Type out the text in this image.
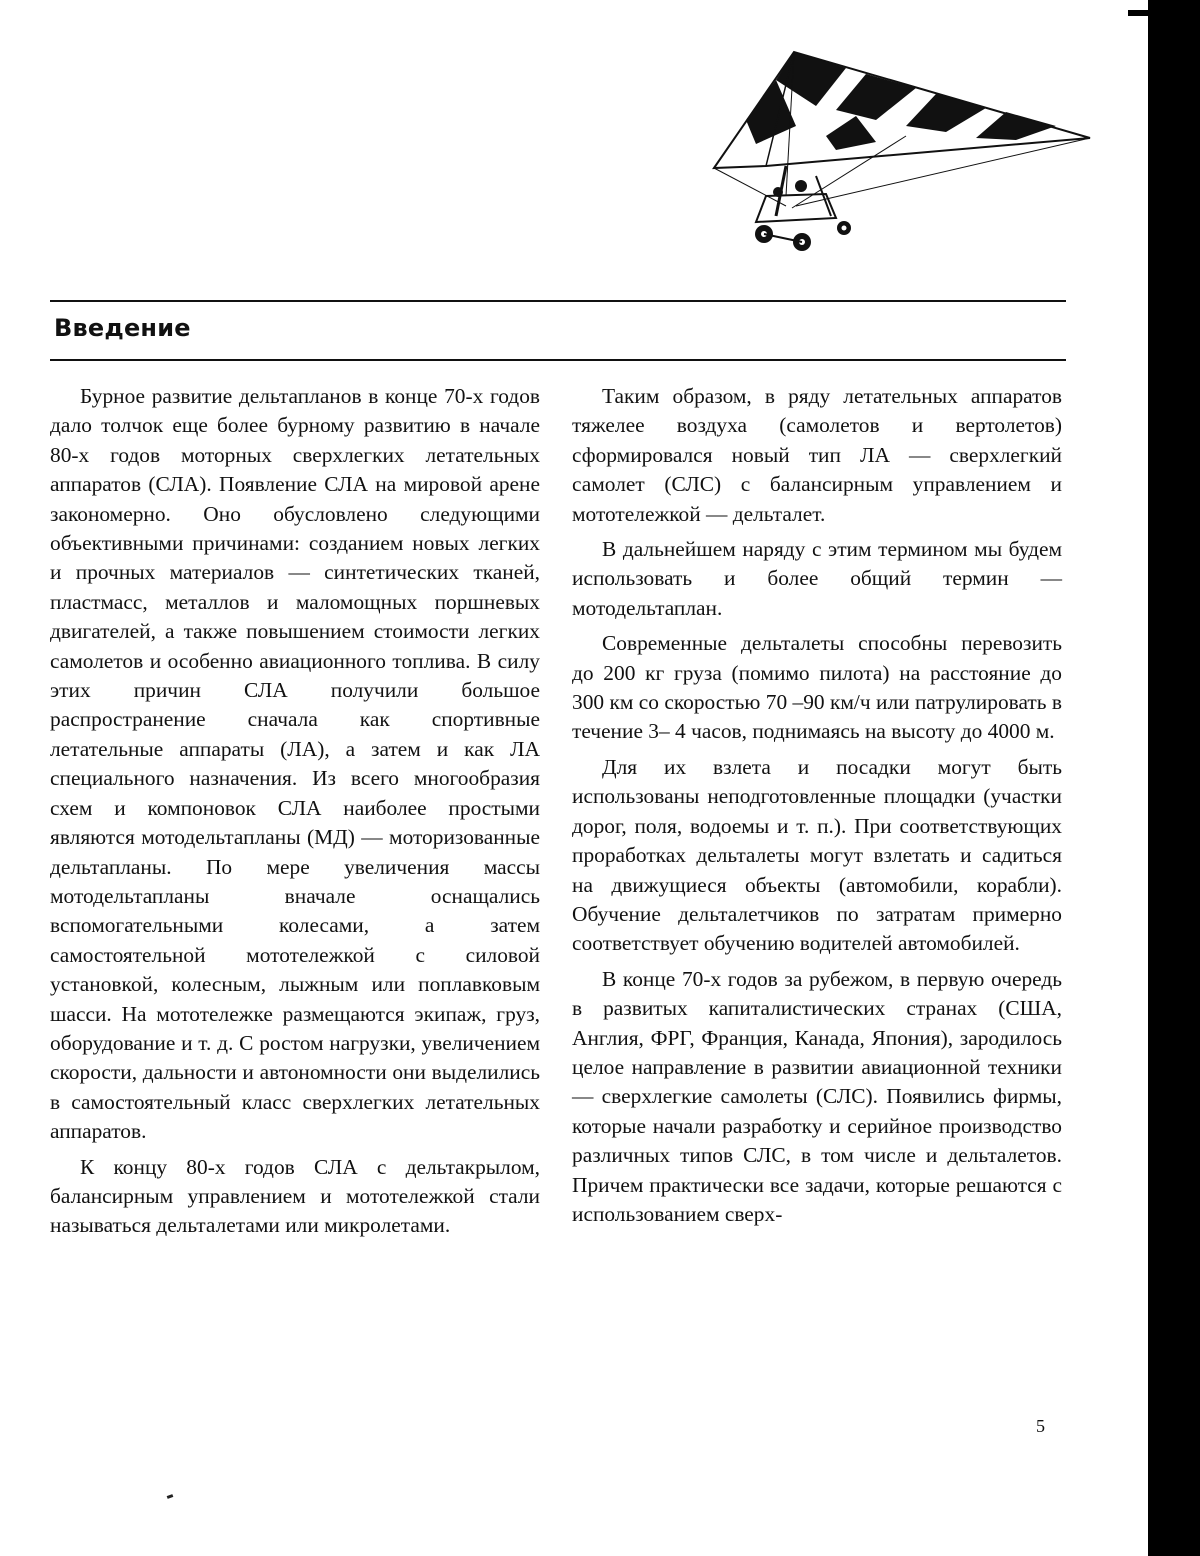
Введение

Бурное развитие дельтапланов в конце 70-х годов дало толчок еще более бурному развитию в начале 80-х годов моторных сверхлегких летательных аппаратов (СЛА). Появление СЛА на мировой арене закономерно. Оно обусловлено следующими объективными причинами: созданием новых легких и прочных материалов — синтетических тканей, пластмасс, металлов и маломощных поршневых двигателей, а также повышением стоимости легких самолетов и особенно авиационного топлива. В силу этих причин СЛА получили большое распространение сначала как спортивные летательные аппараты (ЛА), а затем и как ЛА специального назначения. Из всего многообразия схем и компоновок СЛА наиболее простыми являются мотодельтапланы (МД) — моторизованные дельтапланы. По мере увеличения массы мотодельтапланы вначале оснащались вспомогательными колесами, а затем самостоятельной мототележкой с силовой установкой, колесным, лыжным или поплавковым шасси. На мототележке размещаются экипаж, груз, оборудование и т. д. С ростом нагрузки, увеличением скорости, дальности и автономности они выделились в самостоятельный класс сверхлегких летательных аппаратов.

К концу 80-х годов СЛА с дельтакрылом, балансирным управлением и мототележкой стали называться дельталетами или микролетами.

Таким образом, в ряду летательных аппаратов тяжелее воздуха (самолетов и вертолетов) сформировался новый тип ЛА — сверхлегкий самолет (СЛС) с балансирным управлением и мототележкой — дельталет.

В дальнейшем наряду с этим термином мы будем использовать и более общий термин — мотодельтаплан.

Современные дельталеты способны перевозить до 200 кг груза (помимо пилота) на расстояние до 300 км со скоростью 70 –90 км/ч или патрулировать в течение 3– 4 часов, поднимаясь на высоту до 4000 м.

Для их взлета и посадки могут быть использованы неподготовленные площадки (участки дорог, поля, водоемы и т. п.). При соответствующих проработках дельталеты могут взлетать и садиться на движущиеся объекты (автомобили, корабли). Обучение дельталетчиков по затратам примерно соответствует обучению водителей автомобилей.

В конце 70-х годов за рубежом, в первую очередь в развитых капиталистических странах (США, Англия, ФРГ, Франция, Канада, Япония), зародилось целое направление в развитии авиационной техники — сверхлегкие самолеты (СЛС). Появились фирмы, которые начали разработку и серийное производство различных типов СЛС, в том числе и дельталетов. Причем практически все задачи, которые решаются с использованием сверх-

5
